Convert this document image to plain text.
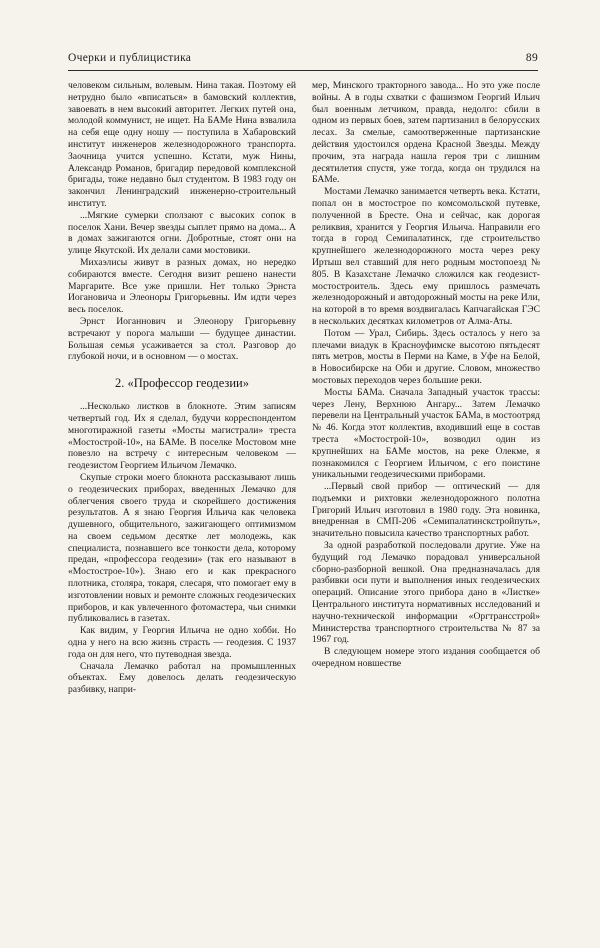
Очерки и публицистика	89

человеком сильным, волевым. Нина такая. Поэтому ей нетрудно было «вписаться» в бамовский коллектив, завоевать в нем высокий авторитет. Легких путей она, молодой коммунист, не ищет. На БАМе Нина взвалила на себя еще одну ношу — поступила в Хабаровский институт инженеров железнодорожного транспорта. Заочница учится успешно. Кстати, муж Нины, Александр Романов, бригадир передовой комплексной бригады, тоже недавно был студентом. В 1983 году он закончил Ленинградский инженерно-строительный институт.

...Мягкие сумерки сползают с высоких сопок в поселок Хани. Вечер звезды сыплет прямо на дома... А в домах зажигаются огни. Добротные, стоят они на улице Якутской. Их делали сами мостовики.

Михаэлисы живут в разных домах, но нередко собираются вместе. Сегодня визит решено нанести Маргарите. Все уже пришли. Нет только Эрнста Иогановича и Элеоноры Григорьевны. Им идти через весь поселок.

Эрнст Иоганнович и Элеонору Григорьевну встречают у порога малыши — будущее династии. Большая семья усаживается за стол. Разговор до глубокой ночи, и в основном — о мостах.

2. «Профессор геодезии»

...Несколько листков в блокноте. Этим записям четвертый год. Их я сделал, будучи корреспондентом многотиражной газеты «Мосты магистрали» треста «Мостострой-10», на БАМе. В поселке Мостовом мне повезло на встречу с интересным человеком — геодезистом Георгием Ильичом Лемачко.

Скупые строки моего блокнота рассказывают лишь о геодезических приборах, введенных Лемачко для облегчения своего труда и скорейшего достижения результатов. А я знаю Георгия Ильича как человека душевного, общительного, зажигающего оптимизмом на своем седьмом десятке лет молодежь, как специалиста, познавшего все тонкости дела, которому предан, «профессора геодезии» (так его называют в «Мостострое-10»). Знаю его и как прекрасного плотника, столяра, токаря, слесаря, что помогает ему в изготовлении новых и ремонте сложных геодезических приборов, и как увлеченного фотомастера, чьи снимки публиковались в газетах.

Как видим, у Георгия Ильича не одно хобби. Но одна у него на всю жизнь страсть — геодезия. С 1937 года он для него, что путеводная звезда.

Сначала Лемачко работал на промышленных объектах. Ему довелось делать геодезическую разбивку, напри-

мер, Минского тракторного завода... Но это уже после войны. А в годы схватки с фашизмом Георгий Ильич был военным летчиком, правда, недолго: сбили в одном из первых боев, затем партизанил в белорусских лесах. За смелые, самоотверженные партизанские действия удостоился ордена Красной Звезды. Между прочим, эта награда нашла героя три с лишним десятилетия спустя, уже тогда, когда он трудился на БАМе.

Мостами Лемачко занимается четверть века. Кстати, попал он в мостострое по комсомольской путевке, полученной в Бресте. Она и сейчас, как дорогая реликвия, хранится у Георгия Ильича. Направили его тогда в город Семипалатинск, где строительство крупнейшего железнодорожного моста через реку Иртыш вел ставший для него родным мостопоезд № 805. В Казахстане Лемачко сложился как геодезист-мостостроитель. Здесь ему пришлось размечать железнодорожный и автодорожный мосты на реке Или, на которой в то время воздвигалась Капчагайская ГЭС в нескольких десятках километров от Алма-Аты.

Потом — Урал, Сибирь. Здесь осталось у него за плечами виадук в Красноуфимске высотою пятьдесят пять метров, мосты в Перми на Каме, в Уфе на Белой, в Новосибирске на Оби и другие. Словом, множество мостовых переходов через большие реки.

Мосты БАМа. Сначала Западный участок трассы: через Лену, Верхнюю Ангару... Затем Лемачко перевели на Центральный участок БАМа, в мостоотряд № 46. Когда этот коллектив, входивший еще в состав треста «Мостострой-10», возводил один из крупнейших на БАМе мостов, на реке Олекме, я познакомился с Георгием Ильичом, с его поистине уникальными геодезическими приборами.

...Первый свой прибор — оптический — для подъемки и рихтовки железнодорожного полотна Григорий Ильич изготовил в 1980 году. Эта новинка, внедренная в СМП-206 «Семипалатинскстройпуть», значительно повысила качество транспортных работ.

За одной разработкой последовали другие. Уже на будущий год Лемачко порадовал универсальной сборно-разборной вешкой. Она предназначалась для разбивки оси пути и выполнения иных геодезических операций. Описание этого прибора дано в «Листке» Центрального института нормативных исследований и научно-технической информации «Оргтрансстрой» Министерства транспортного строительства № 87 за 1967 год.

В следующем номере этого издания сообщается об очередном новшестве
